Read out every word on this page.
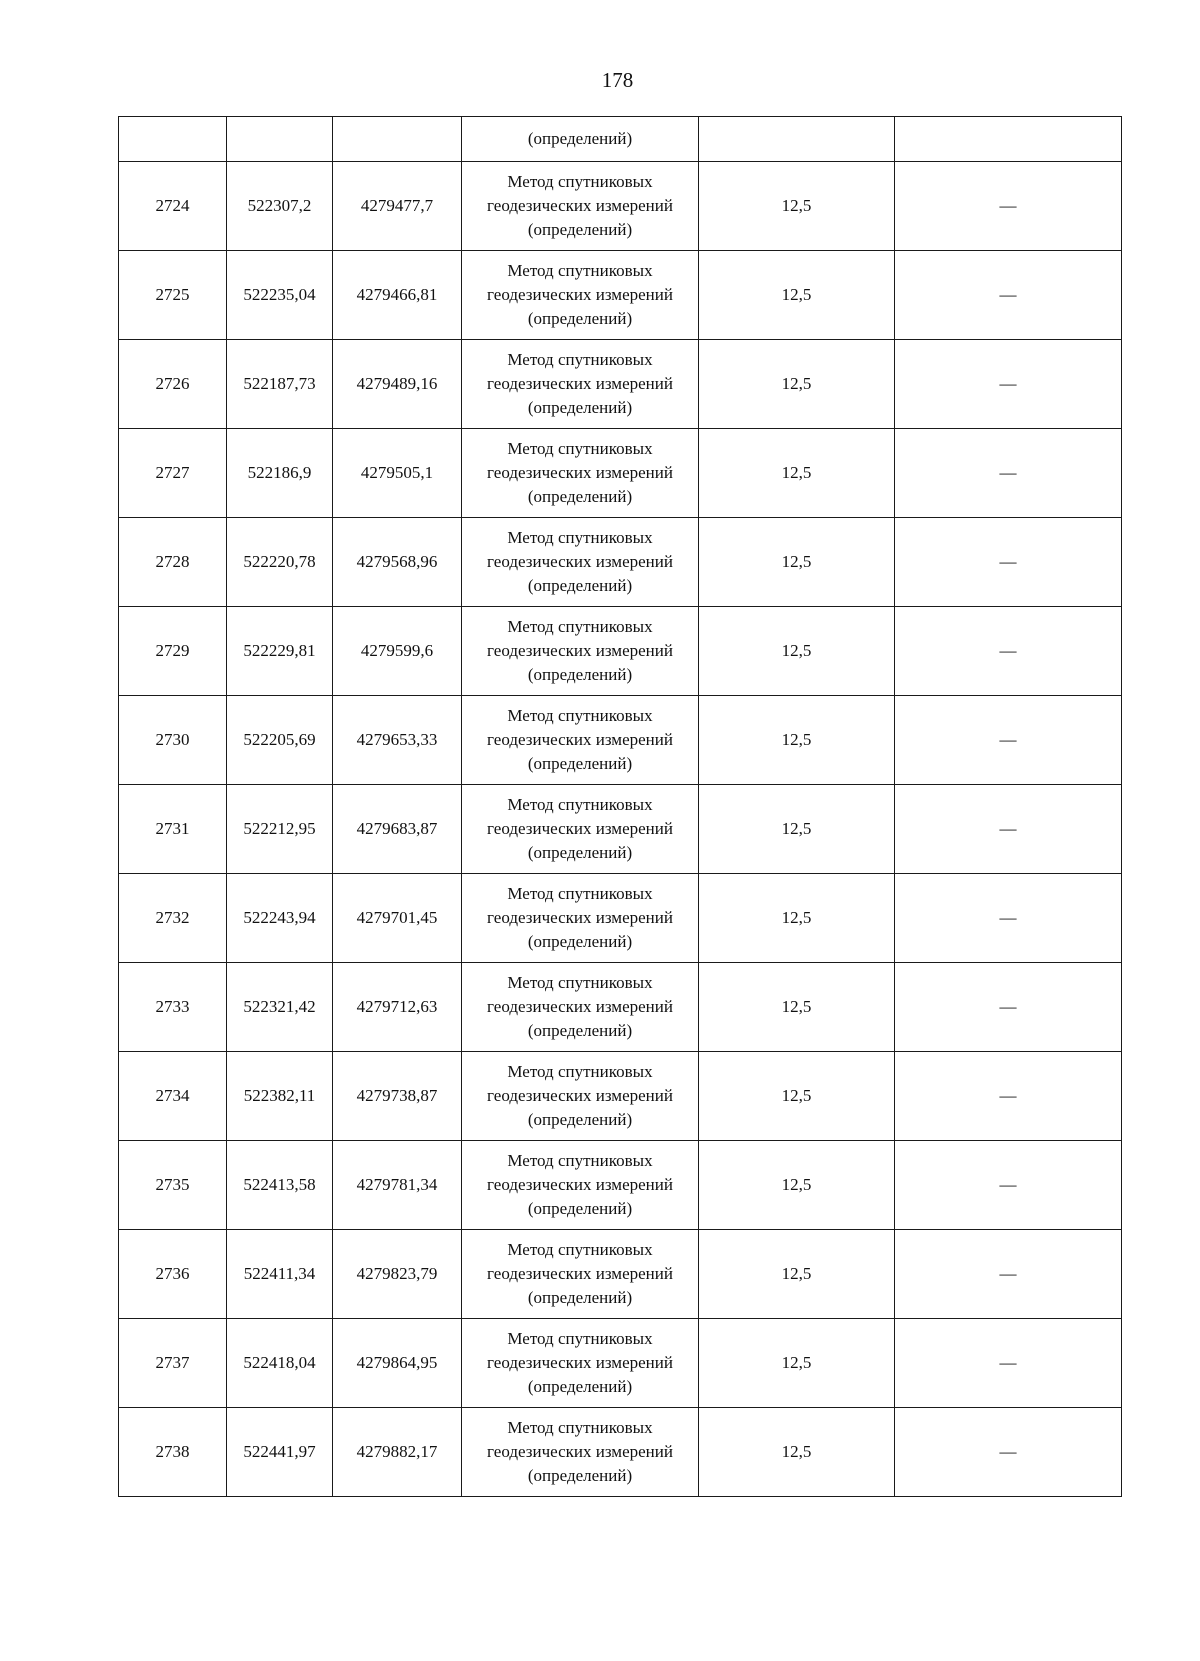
178
			(определений)		
2724	522307,2	4279477,7	Метод спутниковых
геодезических измерений
(определений)	12,5	—
2725	522235,04	4279466,81	Метод спутниковых
геодезических измерений
(определений)	12,5	—
2726	522187,73	4279489,16	Метод спутниковых
геодезических измерений
(определений)	12,5	—
2727	522186,9	4279505,1	Метод спутниковых
геодезических измерений
(определений)	12,5	—
2728	522220,78	4279568,96	Метод спутниковых
геодезических измерений
(определений)	12,5	—
2729	522229,81	4279599,6	Метод спутниковых
геодезических измерений
(определений)	12,5	—
2730	522205,69	4279653,33	Метод спутниковых
геодезических измерений
(определений)	12,5	—
2731	522212,95	4279683,87	Метод спутниковых
геодезических измерений
(определений)	12,5	—
2732	522243,94	4279701,45	Метод спутниковых
геодезических измерений
(определений)	12,5	—
2733	522321,42	4279712,63	Метод спутниковых
геодезических измерений
(определений)	12,5	—
2734	522382,11	4279738,87	Метод спутниковых
геодезических измерений
(определений)	12,5	—
2735	522413,58	4279781,34	Метод спутниковых
геодезических измерений
(определений)	12,5	—
2736	522411,34	4279823,79	Метод спутниковых
геодезических измерений
(определений)	12,5	—
2737	522418,04	4279864,95	Метод спутниковых
геодезических измерений
(определений)	12,5	—
2738	522441,97	4279882,17	Метод спутниковых
геодезических измерений
(определений)	12,5	—
